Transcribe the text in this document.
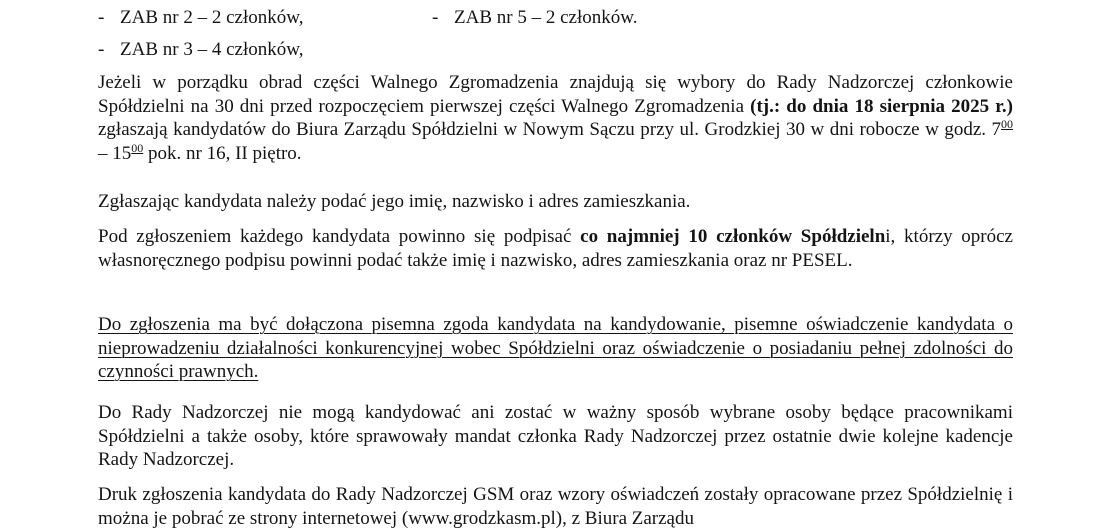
- ZAB nr 2 – 2 członków,	- ZAB nr 5 – 2 członków.
- ZAB nr 3 – 4 członków,

Jeżeli w porządku obrad części Walnego Zgromadzenia znajdują się wybory do Rady Nadzorczej członkowie Spółdzielni na 30 dni przed rozpoczęciem pierwszej części Walnego Zgromadzenia (tj.: do dnia 18 sierpnia 2025 r.) zgłaszają kandydatów do Biura Zarządu Spółdzielni w Nowym Sączu przy ul. Grodzkiej 30 w dni robocze w godz. $7^{00} - 15^{00}$ pok. nr 16, II piętro.

Zgłaszając kandydata należy podać jego imię, nazwisko i adres zamieszkania.

Pod zgłoszeniem każdego kandydata powinno się podpisać co najmniej 10 członków Spółdzielni, którzy oprócz własnoręcznego podpisu powinni podać także imię i nazwisko, adres zamieszkania oraz nr PESEL.

Do zgłoszenia ma być dołączona pisemna zgoda kandydata na kandydowanie, pisemne oświadczenie kandydata o nieprowadzeniu działalności konkurencyjnej wobec Spółdzielni oraz oświadczenie o posiadaniu pełnej zdolności do czynności prawnych.

Do Rady Nadzorczej nie mogą kandydować ani zostać w ważny sposób wybrane osoby będące pracownikami Spółdzielni a także osoby, które sprawowały mandat członka Rady Nadzorczej przez ostatnie dwie kolejne kadencje Rady Nadzorczej.

Druk zgłoszenia kandydata do Rady Nadzorczej GSM oraz wzory oświadczeń zostały opracowane przez Spółdzielnię i można je pobrać ze strony internetowej (www.grodzkasm.pl), z Biura Zarządu
